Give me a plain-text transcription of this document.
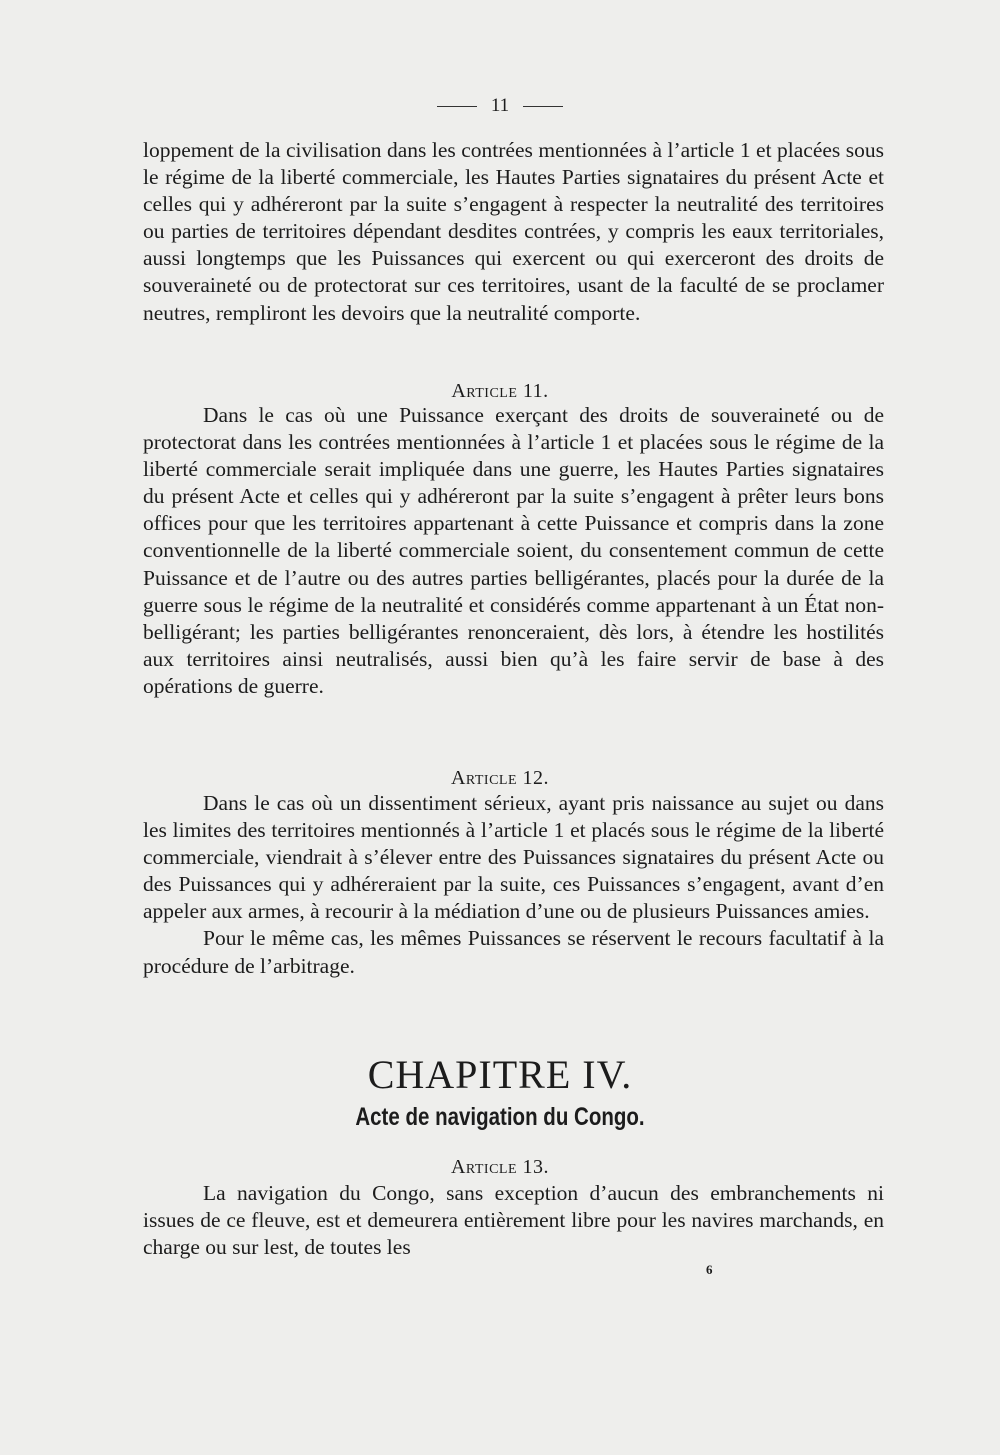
11

loppement de la civilisation dans les contrées mentionnées à l’article 1 et placées sous le régime de la liberté commerciale, les Hautes Parties signataires du présent Acte et celles qui y adhéreront par la suite s’engagent à respecter la neutralité des territoires ou parties de territoires dépendant desdites contrées, y compris les eaux territoriales, aussi longtemps que les Puissances qui exercent ou qui exerceront des droits de souveraineté ou de protectorat sur ces territoires, usant de la faculté de se proclamer neutres, rempliront les devoirs que la neutralité comporte.

Article 11.

Dans le cas où une Puissance exerçant des droits de souveraineté ou de protectorat dans les contrées mentionnées à l’article 1 et placées sous le régime de la liberté commerciale serait impliquée dans une guerre, les Hautes Parties signataires du présent Acte et celles qui y adhéreront par la suite s’engagent à prêter leurs bons offices pour que les territoires appartenant à cette Puissance et compris dans la zone conventionnelle de la liberté commerciale soient, du consentement commun de cette Puissance et de l’autre ou des autres parties belligérantes, placés pour la durée de la guerre sous le régime de la neutralité et considérés comme appartenant à un État non-belligérant; les parties belligérantes renonceraient, dès lors, à étendre les hostilités aux territoires ainsi neutralisés, aussi bien qu’à les faire servir de base à des opérations de guerre.

Article 12.

Dans le cas où un dissentiment sérieux, ayant pris naissance au sujet ou dans les limites des territoires mentionnés à l’article 1 et placés sous le régime de la liberté commerciale, viendrait à s’élever entre des Puissances signataires du présent Acte ou des Puissances qui y adhéreraient par la suite, ces Puissances s’engagent, avant d’en appeler aux armes, à recourir à la médiation d’une ou de plusieurs Puissances amies.

Pour le même cas, les mêmes Puissances se réservent le recours facultatif à la procédure de l’arbitrage.

CHAPITRE IV.
Acte de navigation du Congo.
Article 13.

La navigation du Congo, sans exception d’aucun des embranchements ni issues de ce fleuve, est et demeurera entièrement libre pour les navires marchands, en charge ou sur lest, de toutes les

6
